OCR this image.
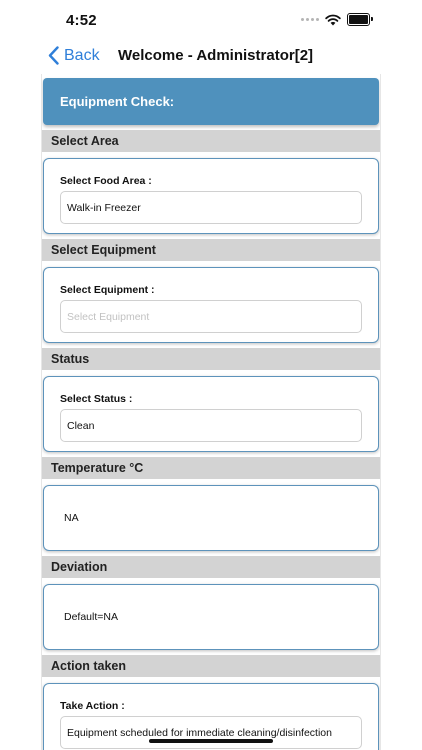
4:52
Back Welcome - Administrator[2]
Equipment Check:
Select Area
Select Food Area :
Walk-in Freezer
Select Equipment
Select Equipment :
Select Equipment
Status
Select Status :
Clean
Temperature °C
NA
Deviation
Default=NA
Action taken
Take Action :
Equipment scheduled for immediate cleaning/disinfection
